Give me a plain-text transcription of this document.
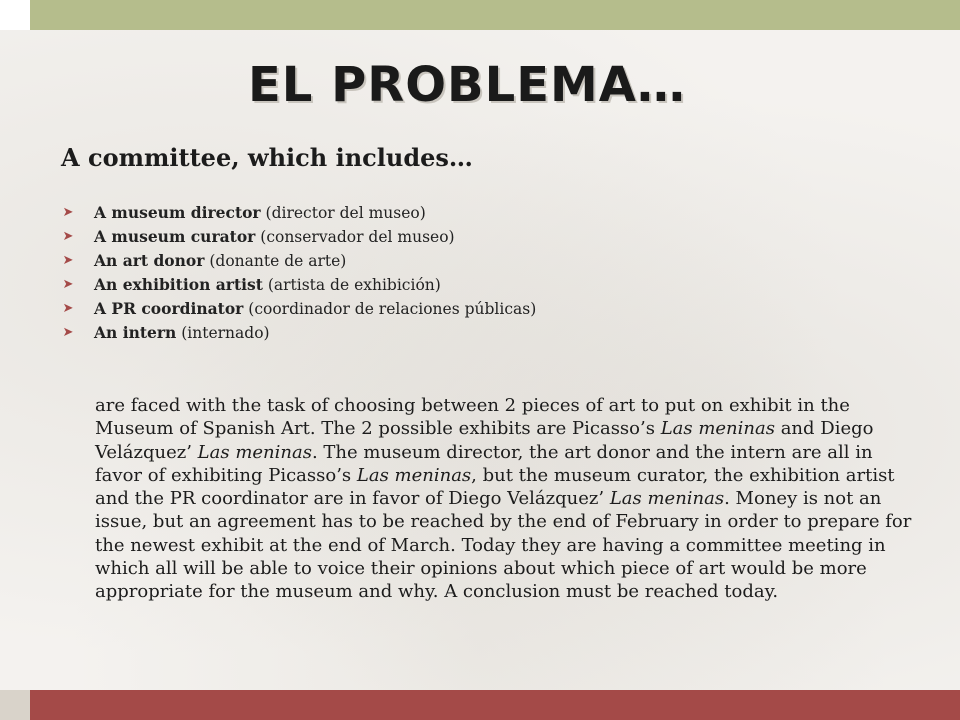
EL PROBLEMA…
A committee, which includes…
➤ A museum director (director del museo)
➤ A museum curator (conservador del museo)
➤ An art donor (donante de arte)
➤ An exhibition artist (artista de exhibición)
➤ A PR coordinator (coordinador de relaciones públicas)
➤ An intern (internado)

are faced with the task of choosing between 2 pieces of art to put on exhibit in the Museum of Spanish Art. The 2 possible exhibits are Picasso’s Las meninas and Diego Velázquez’ Las meninas. The museum director, the art donor and the intern are all in favor of exhibiting Picasso’s Las meninas, but the museum curator, the exhibition artist and the PR coordinator are in favor of Diego Velázquez’ Las meninas. Money is not an issue, but an agreement has to be reached by the end of February in order to prepare for the newest exhibit at the end of March. Today they are having a committee meeting in which all will be able to voice their opinions about which piece of art would be more appropriate for the museum and why. A conclusion must be reached today.
